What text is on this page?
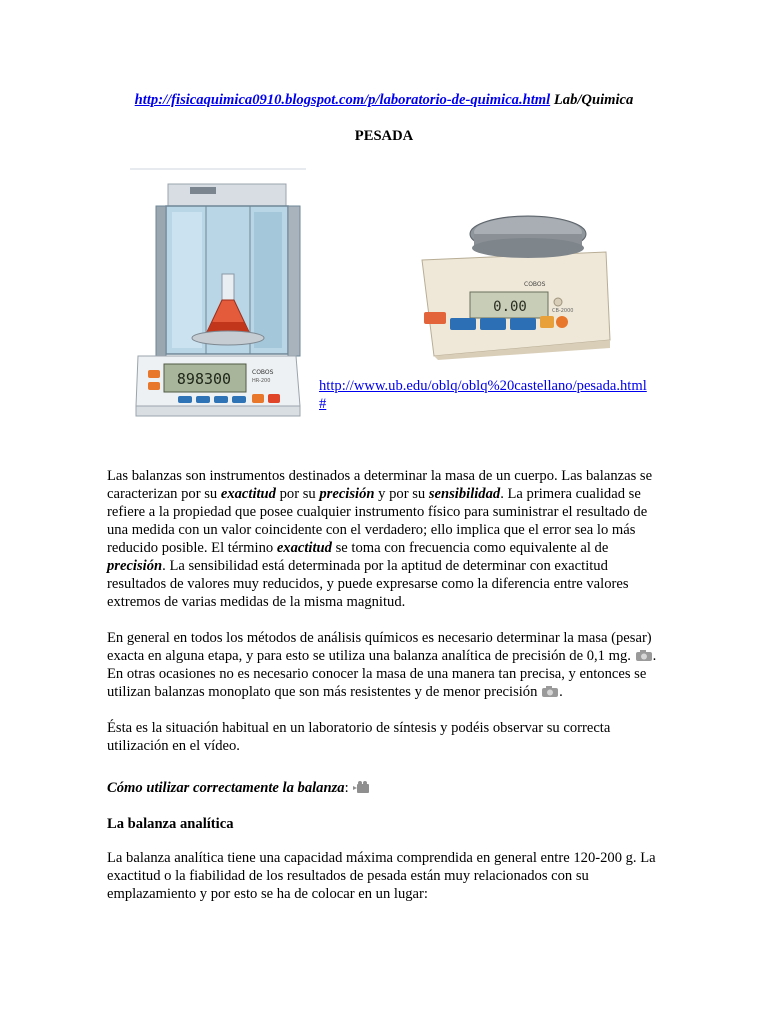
http://fisicaquimica0910.blogspot.com/p/laboratorio-de-quimica.html Lab/Quimica
PESADA
898300	COBOS
HR-200
COBOS
0.00	CB-2000
http://www.ub.edu/oblq/oblq%20castellano/pesada.html
#
Las balanzas son instrumentos destinados a determinar la masa de un cuerpo. Las balanzas se caracterizan por su exactitud por su precisión y por su sensibilidad. La primera cualidad se refiere a la propiedad que posee cualquier instrumento físico para suministrar el resultado de una medida con un valor coincidente con el verdadero; ello implica que el error sea lo más reducido posible. El término exactitud se toma con frecuencia como equivalente al de precisión. La sensibilidad está determinada por la aptitud de determinar con exactitud resultados de valores muy reducidos, y puede expresarse como la diferencia entre valores extremos de varias medidas de la misma magnitud.
En general en todos los métodos de análisis químicos es necesario determinar la masa (pesar) exacta en alguna etapa, y para esto se utiliza una balanza analítica de precisión de 0,1 mg. . En otras ocasiones no es necesario conocer la masa de una manera tan precisa, y entonces se utilizan balanzas monoplato que son más resistentes y de menor precisión .
Ésta es la situación habitual en un laboratorio de síntesis y podéis observar su correcta utilización en el vídeo.
Cómo utilizar correctamente la balanza:
La balanza analítica
La balanza analítica tiene una capacidad máxima comprendida en general entre 120-200 g. La exactitud o la fiabilidad de los resultados de pesada están muy relacionados con su emplazamiento y por esto se ha de colocar en un lugar:
